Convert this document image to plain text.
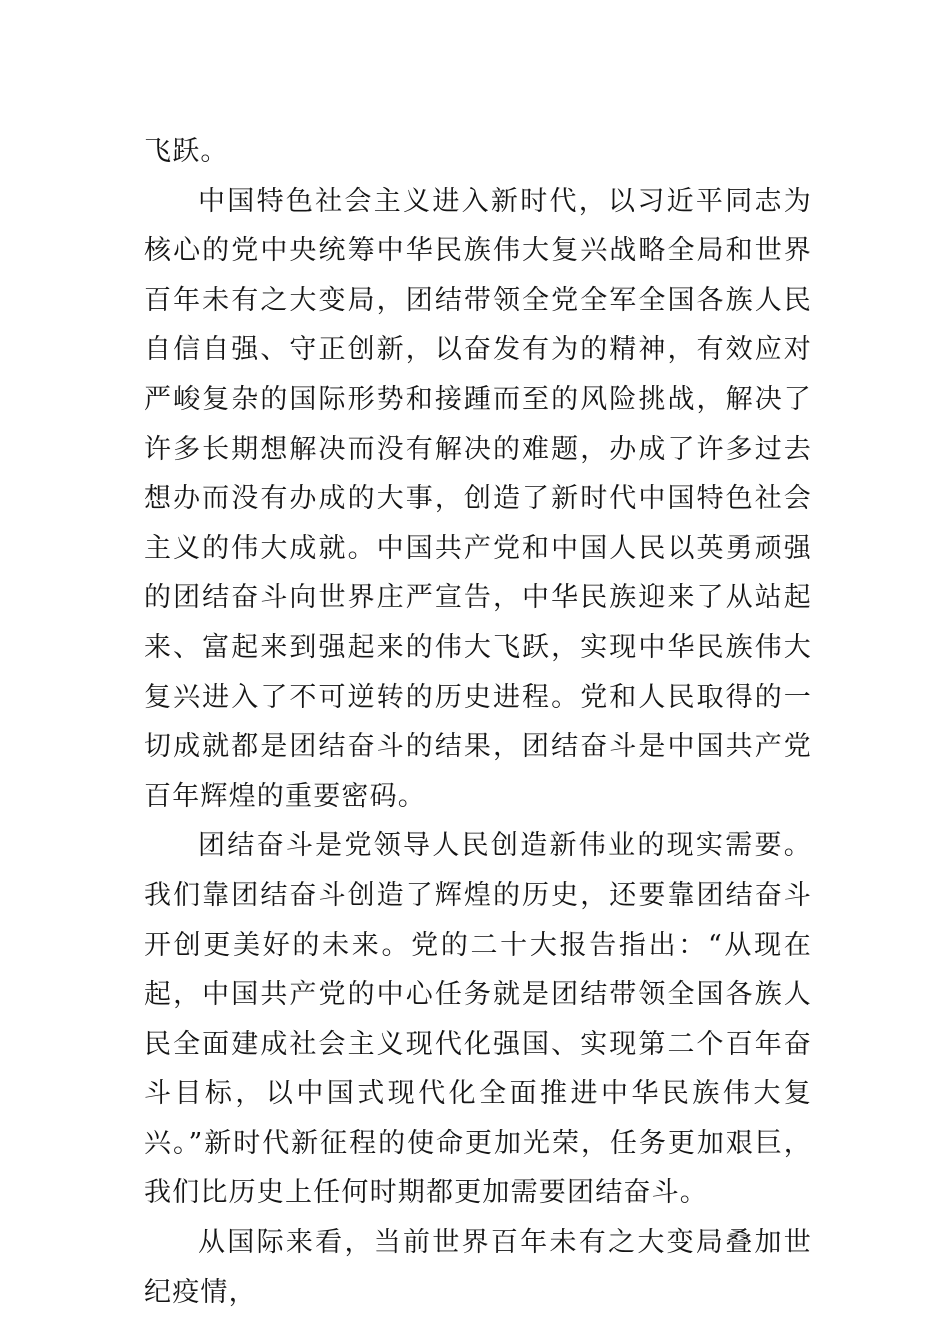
飞跃。

中国特色社会主义进入新时代，以习近平同志为核心的党中央统筹中华民族伟大复兴战略全局和世界百年未有之大变局，团结带领全党全军全国各族人民自信自强、守正创新，以奋发有为的精神，有效应对严峻复杂的国际形势和接踵而至的风险挑战，解决了许多长期想解决而没有解决的难题，办成了许多过去想办而没有办成的大事，创造了新时代中国特色社会主义的伟大成就。中国共产党和中国人民以英勇顽强的团结奋斗向世界庄严宣告，中华民族迎来了从站起来、富起来到强起来的伟大飞跃，实现中华民族伟大复兴进入了不可逆转的历史进程。党和人民取得的一切成就都是团结奋斗的结果，团结奋斗是中国共产党百年辉煌的重要密码。

团结奋斗是党领导人民创造新伟业的现实需要。我们靠团结奋斗创造了辉煌的历史，还要靠团结奋斗开创更美好的未来。党的二十大报告指出：“从现在起，中国共产党的中心任务就是团结带领全国各族人民全面建成社会主义现代化强国、实现第二个百年奋斗目标，以中国式现代化全面推进中华民族伟大复兴。”新时代新征程的使命更加光荣，任务更加艰巨，我们比历史上任何时期都更加需要团结奋斗。

从国际来看，当前世界百年未有之大变局叠加世纪疫情，
